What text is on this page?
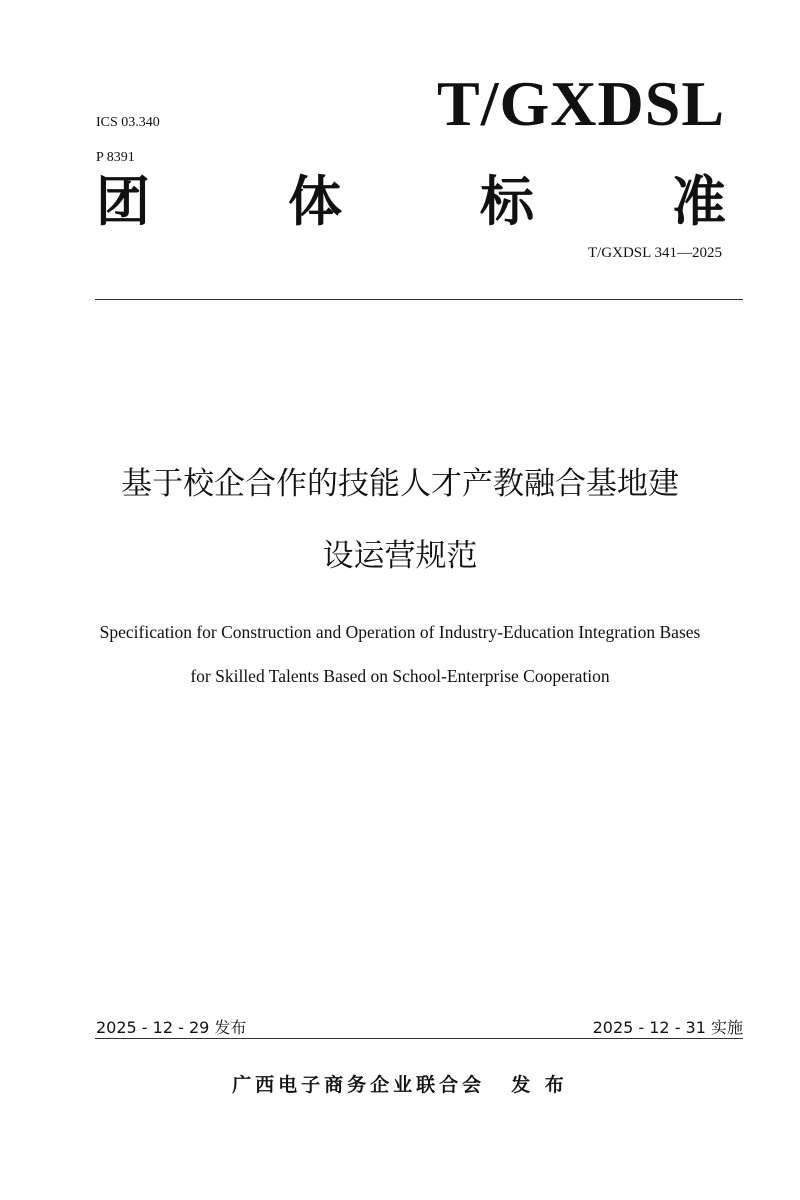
ICS 03.340
P 8391
T/GXDSL
团	体	标	准
T/GXDSL 341—2025
基于校企合作的技能人才产教融合基地建
设运营规范
Specification for Construction and Operation of Industry-Education Integration Bases
for Skilled Talents Based on School-Enterprise Cooperation
2025 - 12 - 29 发布	2025 - 12 - 31 实施
广西电子商务企业联合会 发 布
